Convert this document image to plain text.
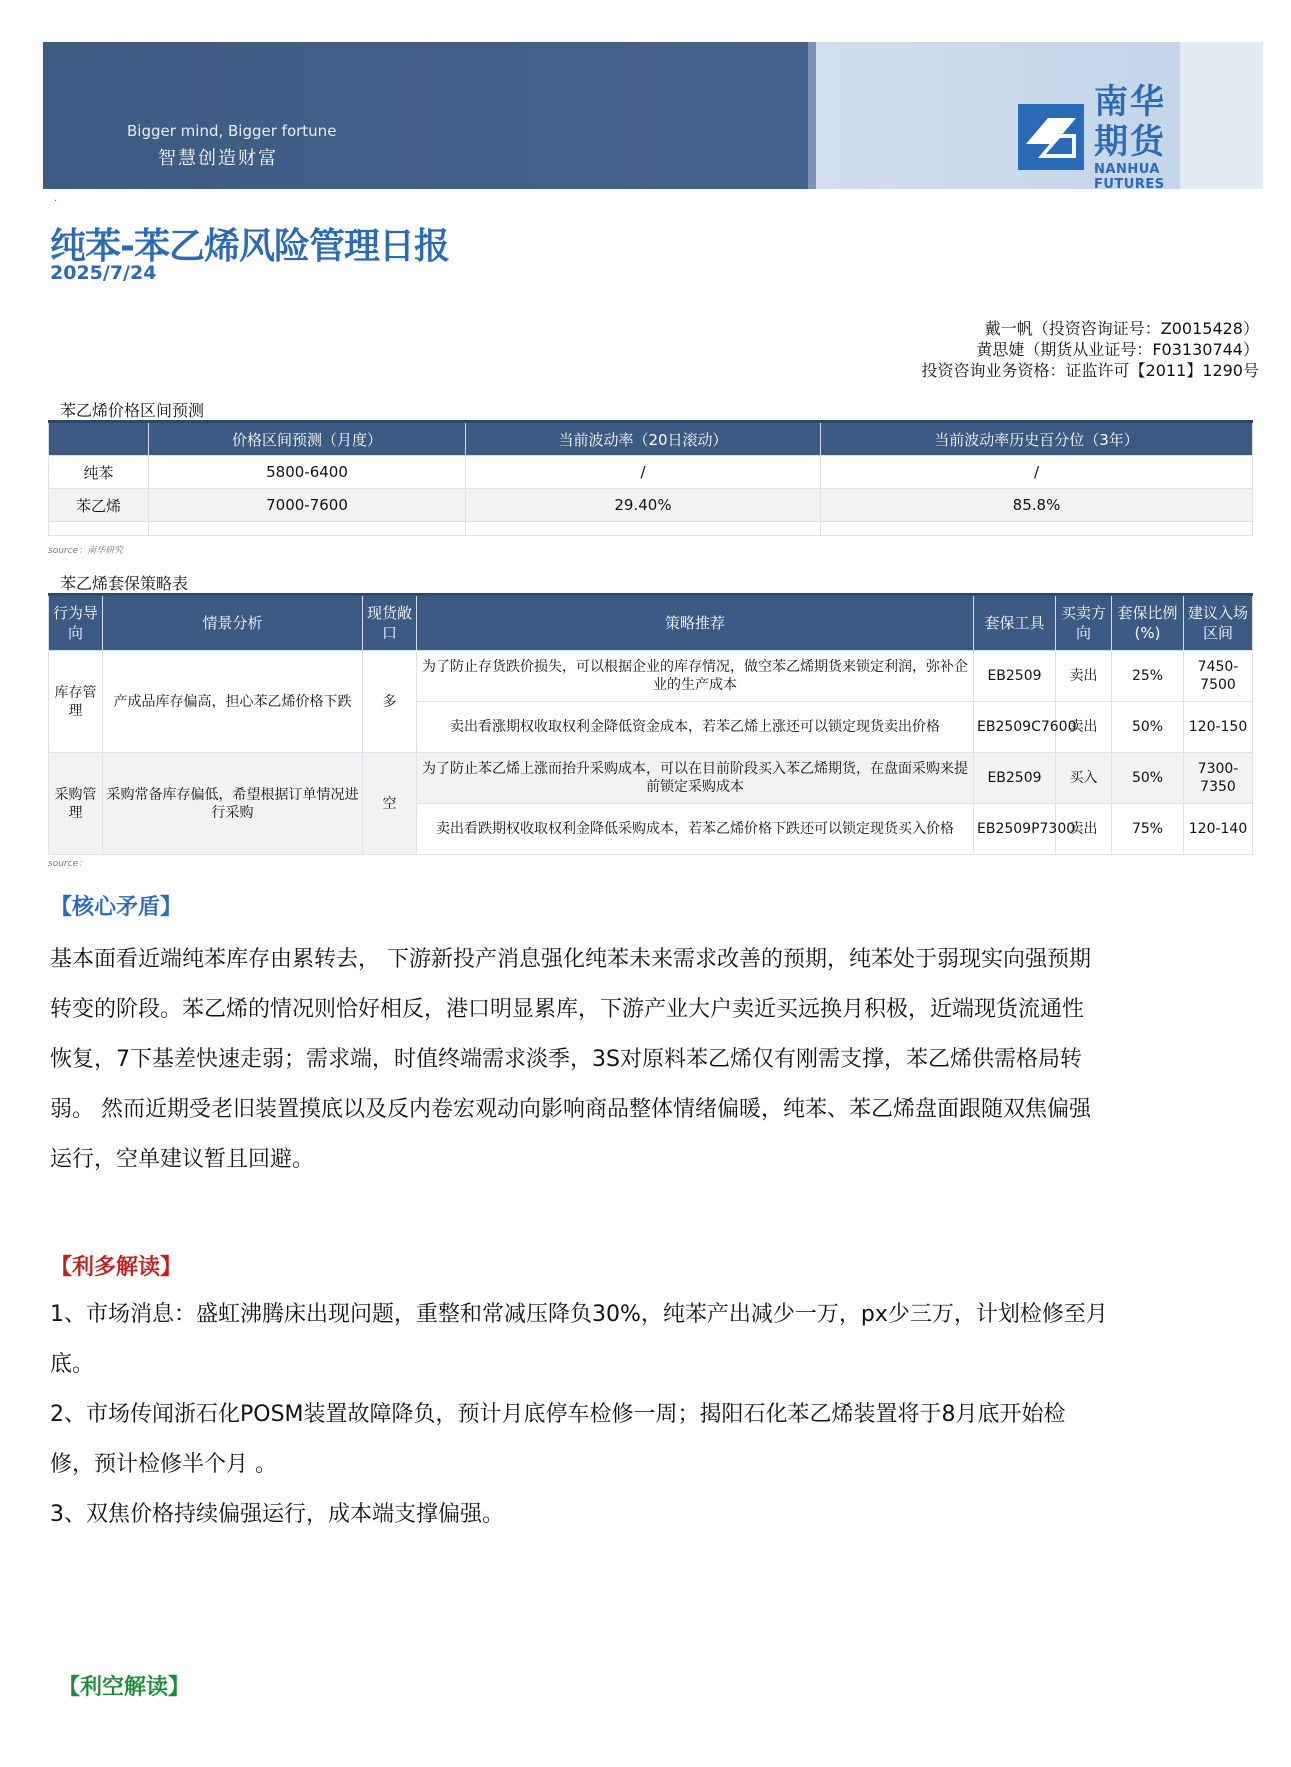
Bigger mind, Bigger fortune
智慧创造财富
南华期货
NANHUA FUTURES
·
纯苯-苯乙烯风险管理日报
2025/7/24
戴一帆（投资咨询证号：Z0015428）
黄思婕（期货从业证号：F03130744）
投资咨询业务资格：证监许可【2011】1290号
苯乙烯价格区间预测
	价格区间预测（月度）	当前波动率（20日滚动）	当前波动率历史百分位（3年）
纯苯	5800-6400	/	/
苯乙烯	7000-7600	29.40%	85.8%

source：南华研究
苯乙烯套保策略表
行为导向	情景分析	现货敞口	策略推荐	套保工具	买卖方向	套保比例(%)	建议入场区间
库存管理	产成品库存偏高，担心苯乙烯价格下跌	多	为了防止存货跌价损失，可以根据企业的库存情况，做空苯乙烯期货来锁定利润，弥补企业的生产成本	EB2509	卖出	25%	7450-7500
			卖出看涨期权收取权利金降低资金成本，若苯乙烯上涨还可以锁定现货卖出价格	EB2509C7600	卖出	50%	120-150
采购管理	采购常备库存偏低，希望根据订单情况进行采购	空	为了防止苯乙烯上涨而抬升采购成本，可以在目前阶段买入苯乙烯期货，在盘面采购来提前锁定采购成本	EB2509	买入	50%	7300-7350
			卖出看跌期权收取权利金降低采购成本，若苯乙烯价格下跌还可以锁定现货买入价格	EB2509P7300	卖出	75%	120-140
source：
【核心矛盾】
基本面看近端纯苯库存由累转去， 下游新投产消息强化纯苯未来需求改善的预期，纯苯处于弱现实向强预期
转变的阶段。苯乙烯的情况则恰好相反，港口明显累库，下游产业大户卖近买远换月积极，近端现货流通性
恢复，7下基差快速走弱；需求端，时值终端需求淡季，3S对原料苯乙烯仅有刚需支撑，苯乙烯供需格局转
弱。 然而近期受老旧装置摸底以及反内卷宏观动向影响商品整体情绪偏暖，纯苯、苯乙烯盘面跟随双焦偏强
运行，空单建议暂且回避。
【利多解读】
1、市场消息：盛虹沸腾床出现问题，重整和常减压降负30%，纯苯产出减少一万，px少三万，计划检修至月
底。
2、市场传闻浙石化POSM装置故障降负，预计月底停车检修一周；揭阳石化苯乙烯装置将于8月底开始检
修，预计检修半个月 。
3、双焦价格持续偏强运行，成本端支撑偏强。
【利空解读】
